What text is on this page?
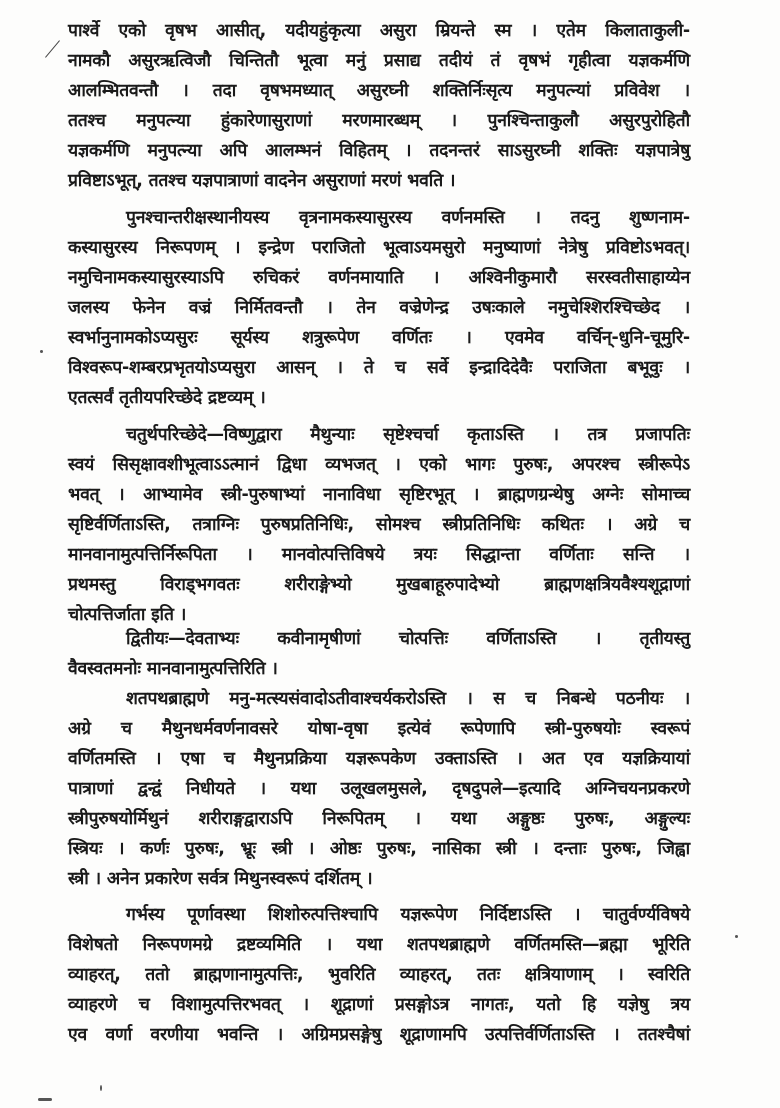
पार्श्वे एको वृषभ आसीत्, यदीयहुंकृत्या असुरा म्रियन्ते स्म । एतेम किलाताकुली-
नामकौ असुरऋत्विजौ चिन्तितौ भूत्वा मनुं प्रसाद्य तदीयं तं वृषभं गृहीत्वा यज्ञकर्मणि
आलम्भितवन्तौ । तदा वृषभमध्यात् असुरघ्नी शक्तिर्निःसृत्य मनुपत्न्यां प्रविवेश ।
ततश्च मनुपत्न्या हुंकारेणासुराणां मरणमारब्धम् । पुनश्चिन्ताकुलौ असुरपुरोहितौ
यज्ञकर्मणि मनुपत्न्या अपि आलम्भनं विहितम् । तदनन्तरं साऽसुरघ्नी शक्तिः यज्ञपात्रेषु
प्रविष्टाऽभूत्, ततश्च यज्ञपात्राणां वादनेन असुराणां मरणं भवति ।
पुनश्चान्तरीक्षस्थानीयस्य वृत्रनामकस्यासुरस्य वर्णनमस्ति । तदनु शुष्णनाम-
कस्यासुरस्य निरूपणम् । इन्द्रेण पराजितो भूत्वाऽयमसुरो मनुष्याणां नेत्रेषु प्रविष्टोऽभवत्।
नमुचिनामकस्यासुरस्याऽपि रुचिकरं वर्णनमायाति । अश्विनीकुमारौ सरस्वतीसाहाय्येन
जलस्य फेनेन वज्रं निर्मितवन्तौ । तेन वज्रेणेन्द्र उषःकाले नमुचेश्शिरश्चिच्छेद ।
स्वर्भानुनामकोऽप्यसुरः सूर्यस्य शत्रुरूपेण वर्णितः । एवमेव वर्चिन्-धुनि-चूमुरि-
विश्वरूप-शम्बरप्रभृतयोऽप्यसुरा आसन् । ते च सर्वे इन्द्रादिदेवैः पराजिता बभूवुः ।
एतत्सर्वं तृतीयपरिच्छेदे द्रष्टव्यम् ।
चतुर्थपरिच्छेदे—विष्णुद्वारा मैथुन्याः सृष्टेश्चर्चा कृताऽस्ति । तत्र प्रजापतिः
स्वयं सिसृक्षावशीभूत्वाऽऽत्मानं द्विधा व्यभजत् । एको भागः पुरुषः, अपरश्च स्त्रीरूपेऽ
भवत् । आभ्यामेव स्त्री-पुरुषाभ्यां नानाविधा सृष्टिरभूत् । ब्राह्मणग्रन्थेषु अग्नेः सोमाच्च
सृष्टिर्वर्णिताऽस्ति, तत्राग्निः पुरुषप्रतिनिधिः, सोमश्च स्त्रीप्रतिनिधिः कथितः । अग्रे च
मानवानामुत्पत्तिर्निरूपिता । मानवोत्पत्तिविषये त्रयः सिद्धान्ता वर्णिताः सन्ति ।
प्रथमस्तु विराड्भगवतः शरीराङ्गेभ्यो मुखबाहूरुपादेभ्यो ब्राह्मणक्षत्रियवैश्यशूद्राणां
चोत्पत्तिर्जाता इति ।
द्वितीयः—देवताभ्यः कवीनामृषीणां चोत्पत्तिः वर्णिताऽस्ति । तृतीयस्तु
वैवस्वतमनोः मानवानामुत्पत्तिरिति ।
शतपथब्राह्मणे मनु-मत्स्यसंवादोऽतीवाश्चर्यकरोऽस्ति । स च निबन्धे पठनीयः ।
अग्रे च मैथुनधर्मवर्णनावसरे योषा-वृषा इत्येवं रूपेणापि स्त्री-पुरुषयोः स्वरूपं
वर्णितमस्ति । एषा च मैथुनप्रक्रिया यज्ञरूपकेण उक्ताऽस्ति । अत एव यज्ञक्रियायां
पात्राणां द्वन्द्वं निधीयते । यथा उलूखलमुसले, दृषदुपले—इत्यादि अग्निचयनप्रकरणे
स्त्रीपुरुषयोर्मिथुनं शरीराङ्गद्वाराऽपि निरूपितम् । यथा अङ्गुष्ठः पुरुषः, अङ्गुल्यः
स्त्रियः । कर्णः पुरुषः, भ्रूः स्त्री । ओष्ठः पुरुषः, नासिका स्त्री । दन्ताः पुरुषः, जिह्वा
स्त्री । अनेन प्रकारेण सर्वत्र मिथुनस्वरूपं दर्शितम् ।
गर्भस्य पूर्णावस्था शिशोरुत्पत्तिश्चापि यज्ञरूपेण निर्दिष्टाऽस्ति । चातुर्वर्ण्यविषये
विशेषतो निरूपणमग्रे द्रष्टव्यमिति । यथा शतपथब्राह्मणे वर्णितमस्ति—ब्रह्मा भूरिति
व्याहरत्, ततो ब्राह्मणानामुत्पत्तिः, भुवरिति व्याहरत्, ततः क्षत्रियाणाम् । स्वरिति
व्याहरणे च विशामुत्पत्तिरभवत् । शूद्राणां प्रसङ्गोऽत्र नागतः, यतो हि यज्ञेषु त्रय
एव वर्णा वरणीया भवन्ति । अग्रिमप्रसङ्गेषु शूद्राणामपि उत्पत्तिर्वर्णिताऽस्ति । ततश्चैषां
